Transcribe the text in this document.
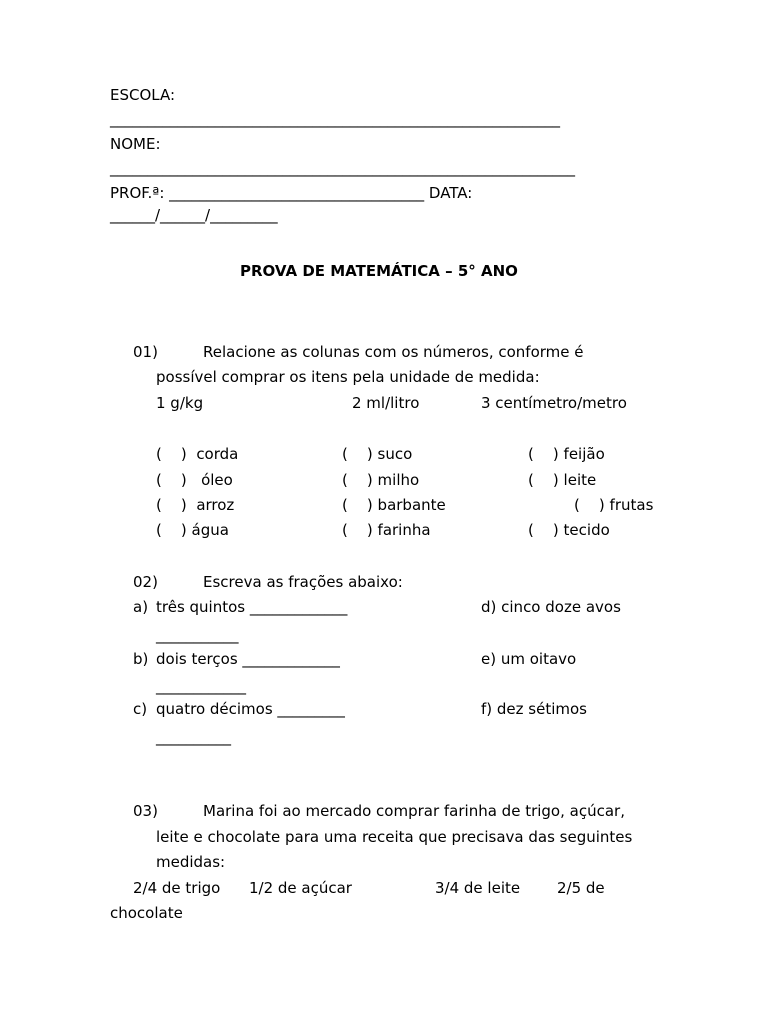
ESCOLA:
____________________________________________________________
NOME:
______________________________________________________________
PROF.ª: __________________________________ DATA:
______/______/_________
PROVA DE MATEMÁTICA – 5° ANO
01)	Relacione as colunas com os números, conforme é
possível comprar os itens pela unidade de medida:
1 g/kg	2 ml/litro	3 centímetro/metro
(    )  corda	(    ) suco	(    ) feijão
(    )   óleo	(    ) milho	(    ) leite
(    )  arroz	(    ) barbante	(    ) frutas
(    ) água	(    ) farinha	(    ) tecido
02)	Escreva as frações abaixo:
a) três quintos _____________	d) cinco doze avos
___________
b) dois terços _____________	e) um oitavo
____________
c) quatro décimos _________	f) dez sétimos
__________
03)	Marina foi ao mercado comprar farinha de trigo, açúcar,
leite e chocolate para uma receita que precisava das seguintes
medidas:
2/4 de trigo 1/2 de açúcar	3/4 de leite 2/5 de
chocolate
